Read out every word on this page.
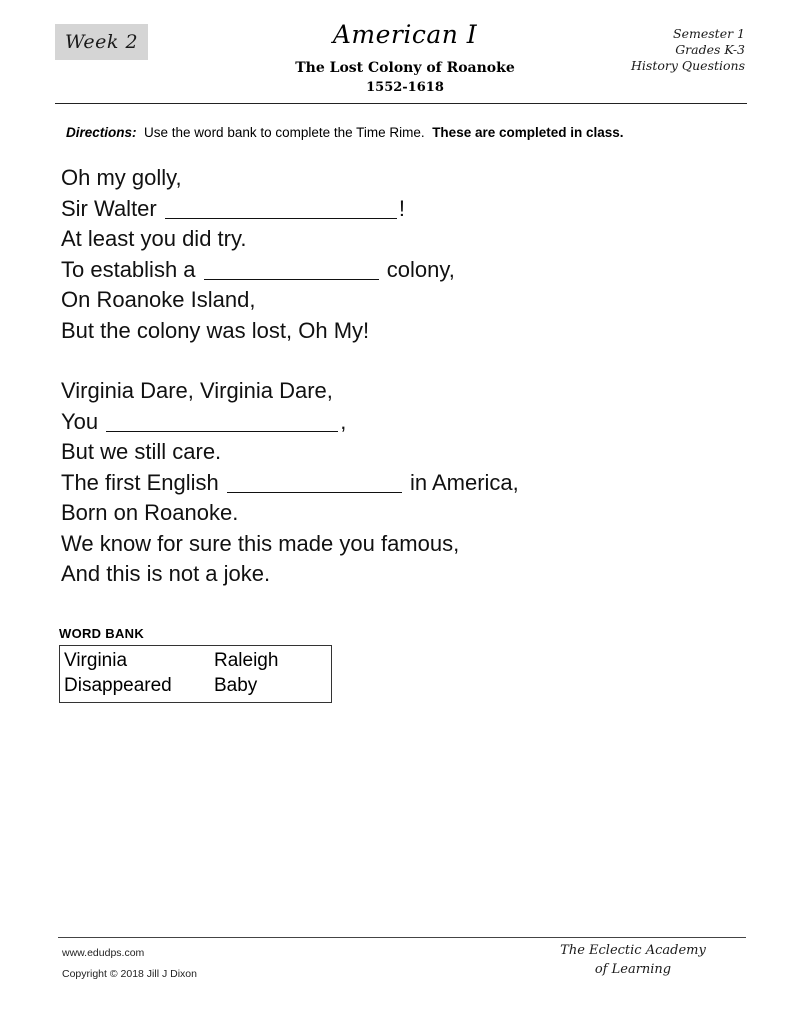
Week 2	American I
The Lost Colony of Roanoke
1552-1618
Semester 1
Grades K-3
History Questions
Directions: Use the word bank to complete the Time Rime. These are completed in class.
Oh my golly,
Sir Walter	!
At least you did try.
To establish a	colony,
On Roanoke Island,
But the colony was lost, Oh My!
Virginia Dare, Virginia Dare,
You	,
But we still care.
The first English	in America,
Born on Roanoke.
We know for sure this made you famous,
And this is not a joke.
WORD BANK
Virginia	Raleigh
Disappeared	Baby
www.edudps.com
Copyright © 2018 Jill J Dixon
The Eclectic Academy
of Learning
